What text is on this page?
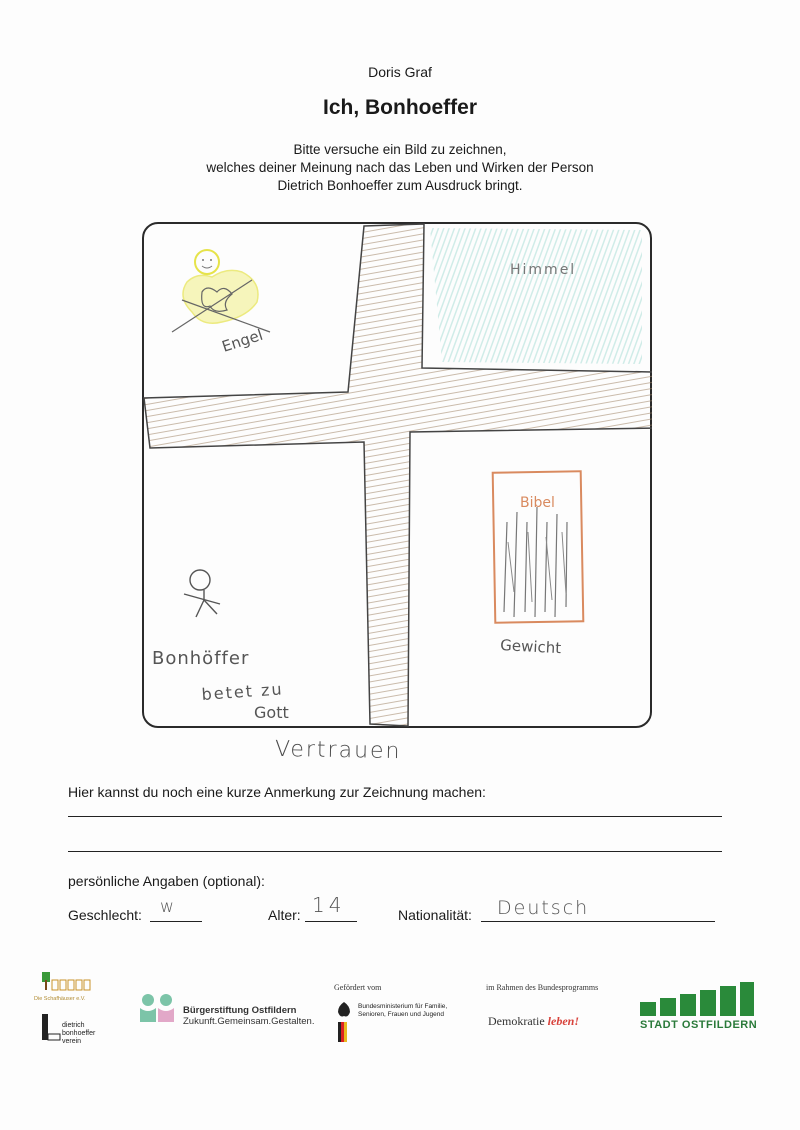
Doris Graf
Ich, Bonhoeffer
Bitte versuche ein Bild zu zeichnen,
welches deiner Meinung nach das Leben und Wirken der Person
Dietrich Bonhoeffer zum Ausdruck bringt.
Engel
Himmel
Bibel
Gewicht
Bonhöffer
betet zu
Gott
Vertrauen
Hier kannst du noch eine kurze Anmerkung zur Zeichnung machen:
persönliche Angaben (optional):
Geschlecht: w	Alter: 14	Nationalität: Deutsch
Die Schafhäuser e.V.
dietrich bonhoeffer verein
Bürgerstiftung Ostfildern
Zukunft.Gemeinsam.Gestalten.
Gefördert vom
Bundesministerium für Familie, Senioren, Frauen und Jugend
im Rahmen des Bundesprogramms
Demokratie leben!	STADT OSTFILDERN
